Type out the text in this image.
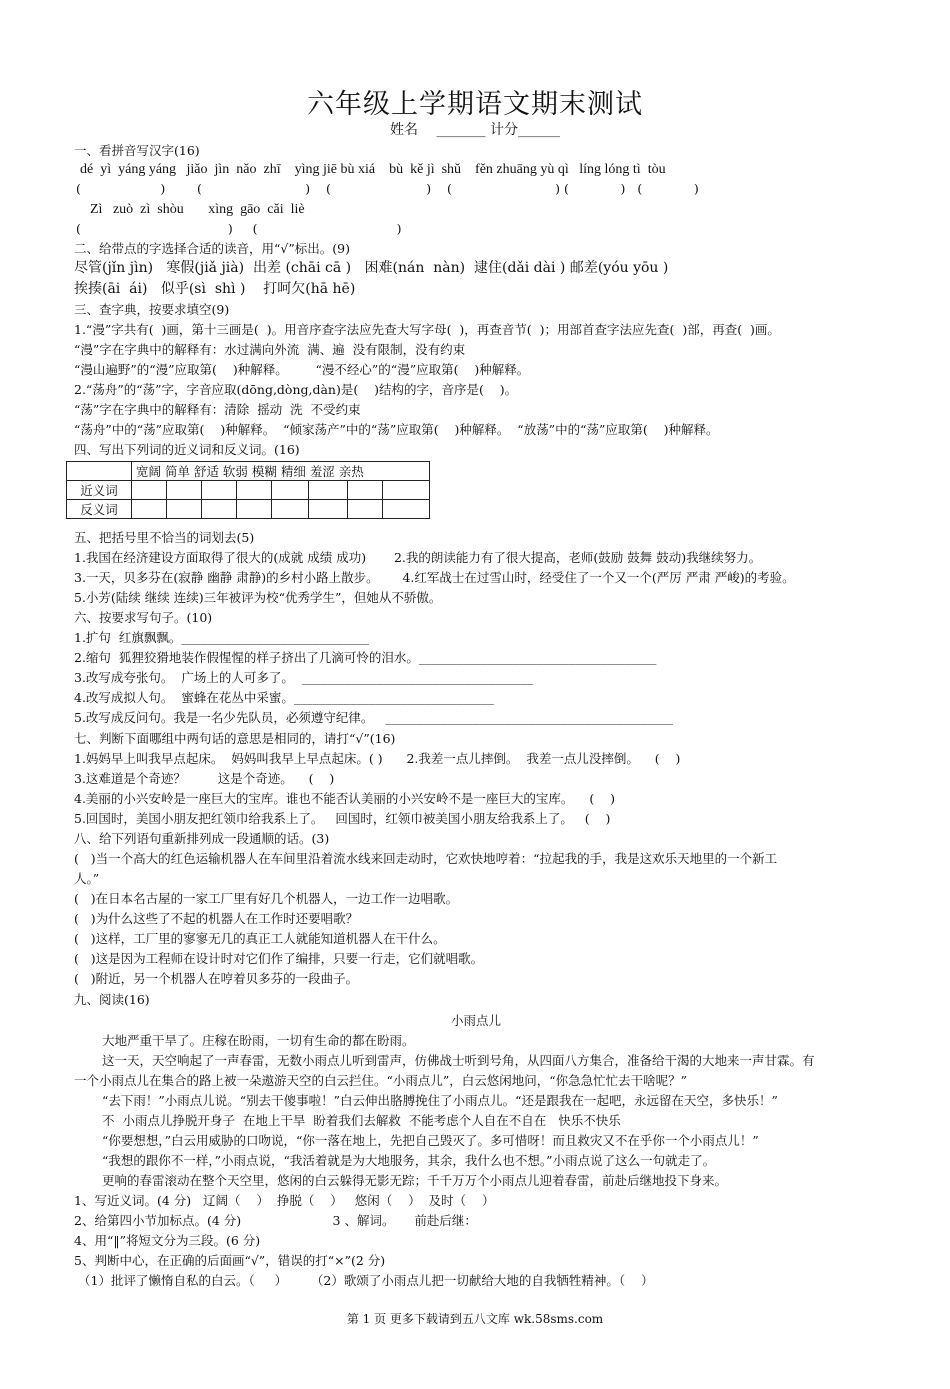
六年级上学期语文期末测试
姓名　 _______ 计分______
一、看拼音写汉字(16)
dé  yì  yáng yáng   jiǎo  jìn  nǎo  zhī    yìng jiē bù xiá    bù  kě jì  shǔ    fěn zhuāng yù qì   líng lóng tì  tòu
(                    )        (                          )    (                        )    (                          ) (             )   (             )
Zì   zuò  zì  shòu       xìng  gāo  cǎi  liè
(                                     )     (                                   )
二、给带点的字选择合适的读音，用“√”标出。(9)
尽管(jǐn jìn)   寒假(jiǎ jià)  出差 (chāi cā )   困难(nán  nàn)  逮住(dǎi dài ) 邮差(yóu yōu )
挨揍(āi  ái)   似乎(sì  shì )    打呵欠(hā hē)
三、查字典，按要求填空(9)
1.“漫”字共有(  )画，第十三画是(  )。用音序查字法应先查大写字母(  )，再查音节(  )；用部首查字法应先查(  )部，再查(  )画。
“漫”字在字典中的解释有：水过满向外流  满、遍  没有限制，没有约束
“漫山遍野”的“漫”应取第(    )种解释。       “漫不经心”的“漫”应取第(    )种解释。
2.“荡舟”的“荡”字，字音应取(dōng,dòng,dàn)是(    )结构的字，音序是(    )。
“荡”字在字典中的解释有：清除  摇动  洗  不受约束
“荡舟”中的“荡”应取第(    )种解释。  “倾家荡产”中的“荡”应取第(    )种解释。  “放荡”中的“荡”应取第(    )种解释。
四、写出下列词的近义词和反义词。(16)
	宽阔 简单 舒适 软弱 模糊 精细 羞涩 亲热							
近义词								
反义词								
五、把括号里不恰当的词划去(5)
1.我国在经济建设方面取得了很大的(成就 成绩 成功)       2.我的朗读能力有了很大提高，老师(鼓励 鼓舞 鼓动)我继续努力。
3.一天，贝多芬在(寂静 幽静 肃静)的乡村小路上散步。      4.红军战士在过雪山时，经受住了一个又一个(严厉 严肃 严峻)的考验。
5.小芳(陆续 继续 连续)三年被评为校“优秀学生”，但她从不骄傲。
六、按要求写句子。(10)
1.扩句  红旗飘飘。______________________________
2.缩句  狐狸狡猾地装作假惺惺的样子挤出了几滴可怜的泪水。______________________________________
3.改写成夸张句。  广场上的人可多了。  _____________________________________
4.改写成拟人句。  蜜蜂在花丛中采蜜。________________________________
5.改写成反问句。我是一名少先队员，必须遵守纪律。   ______________________________________________
七、判断下面哪组中两句话的意思是相同的，请打“√”(16)
1.妈妈早上叫我早点起床。  妈妈叫我早上早点起床。( )      2.我差一点儿摔倒。  我差一点儿没摔倒。    (    )
3.这难道是个奇迹？        这是个奇迹。    (    )
4.美丽的小兴安岭是一座巨大的宝库。谁也不能否认美丽的小兴安岭不是一座巨大的宝库。    (    )
5.回国时，美国小朋友把红领巾给我系上了。   回国时，红领巾被美国小朋友给我系上了。   (    )
八、给下列语句重新排列成一段通顺的话。(3)
(   )当一个高大的红色运输机器人在车间里沿着流水线来回走动时，它欢快地哼着：“拉起我的手，我是这欢乐天地里的一个新工
人。”
(   )在日本名古屋的一家工厂里有好几个机器人，一边工作一边唱歌。
(   )为什么这些了不起的机器人在工作时还要唱歌？
(   )这样，工厂里的寥寥无几的真正工人就能知道机器人在干什么。
(   )这是因为工程师在设计时对它们作了编排，只要一行走，它们就唱歌。
(   )附近，另一个机器人在哼着贝多芬的一段曲子。
九、阅读(16)
小雨点儿
大地严重干旱了。庄稼在盼雨，一切有生命的都在盼雨。
这一天，天空响起了一声春雷，无数小雨点儿听到雷声，仿佛战士听到号角，从四面八方集合，准备给干渴的大地来一声甘霖。有
一个小雨点儿在集合的路上被一朵遨游天空的白云拦住。“小雨点儿”，白云悠闲地问，“你急急忙忙去干啥呢？”
“去下雨！”小雨点儿说。“别去干傻事啦！”白云伸出胳膊挽住了小雨点儿。“还是跟我在一起吧，永远留在天空，多快乐！”
不  小雨点儿挣脱开身子  在地上干旱  盼着我们去解救  不能考虑个人自在不自在   快乐不快乐
“你要想想，”白云用威胁的口吻说，“你一落在地上，先把自己毁灭了。多可惜呀！而且救灾又不在乎你一个小雨点儿！”
“我想的跟你不一样，”小雨点说，“我活着就是为大地服务，其余，我什么也不想。”小雨点说了这么一句就走了。
更响的春雷滚动在整个天空里，悠闲的白云躲得无影无踪；千千万万个小雨点儿迎着春雷，前赴后继地投下身来。
1、写近义词。(4 分)   辽阔（    ）  挣脱（    ）   悠闲（    ）  及时（    ）
2、给第四小节加标点。(4 分)                       3 、解词。     前赴后继：
4、用“‖”将短文分为三段。(6 分)
5、判断中心，在正确的后面画“√”，错误的打“×”(2 分)
（1）批评了懒惰自私的白云。（     ）      （2）歌颂了小雨点儿把一切献给大地的自我牺牲精神。（    ）
第 1 页 更多下载请到五八文库 wk.58sms.com
